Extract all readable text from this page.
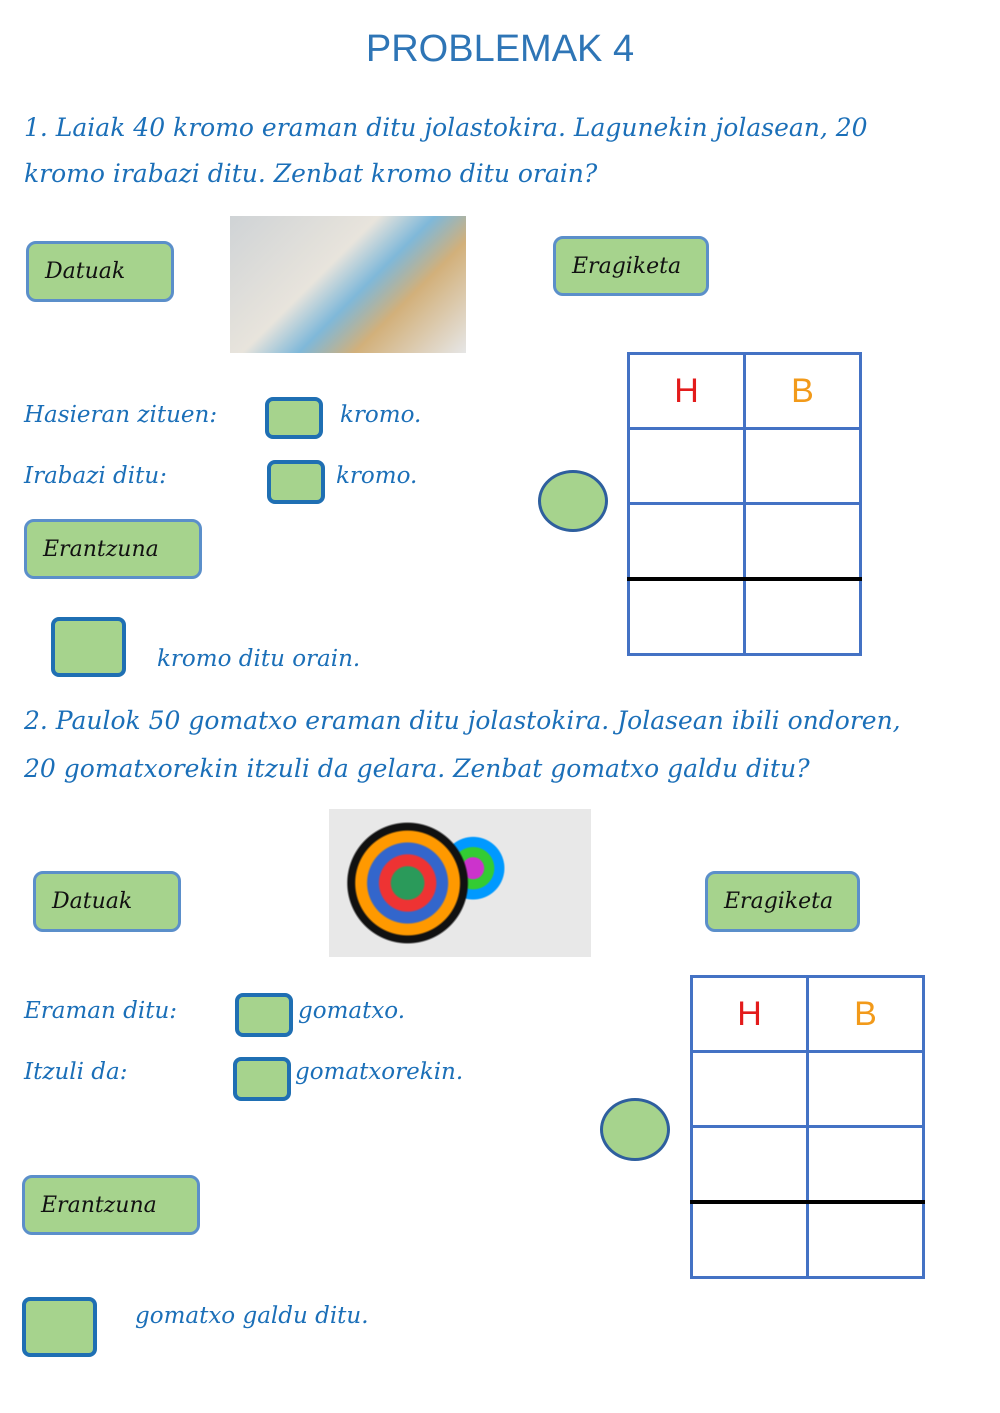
PROBLEMAK 4
1. Laiak 40 kromo eraman ditu jolastokira. Lagunekin jolasean, 20
kromo irabazi ditu. Zenbat kromo ditu orain?
Datuak	Eragiketa
Hasieran zituen:	kromo.
Irabazi ditu:	kromo.
Erantzuna
kromo ditu orain.
H	B

2. Paulok 50 gomatxo eraman ditu jolastokira. Jolasean ibili ondoren,
20 gomatxorekin itzuli da gelara. Zenbat gomatxo galdu ditu?
Datuak	Eragiketa
Eraman ditu:	gomatxo.
Itzuli da:	gomatxorekin.
Erantzuna
gomatxo galdu ditu.
H	B
